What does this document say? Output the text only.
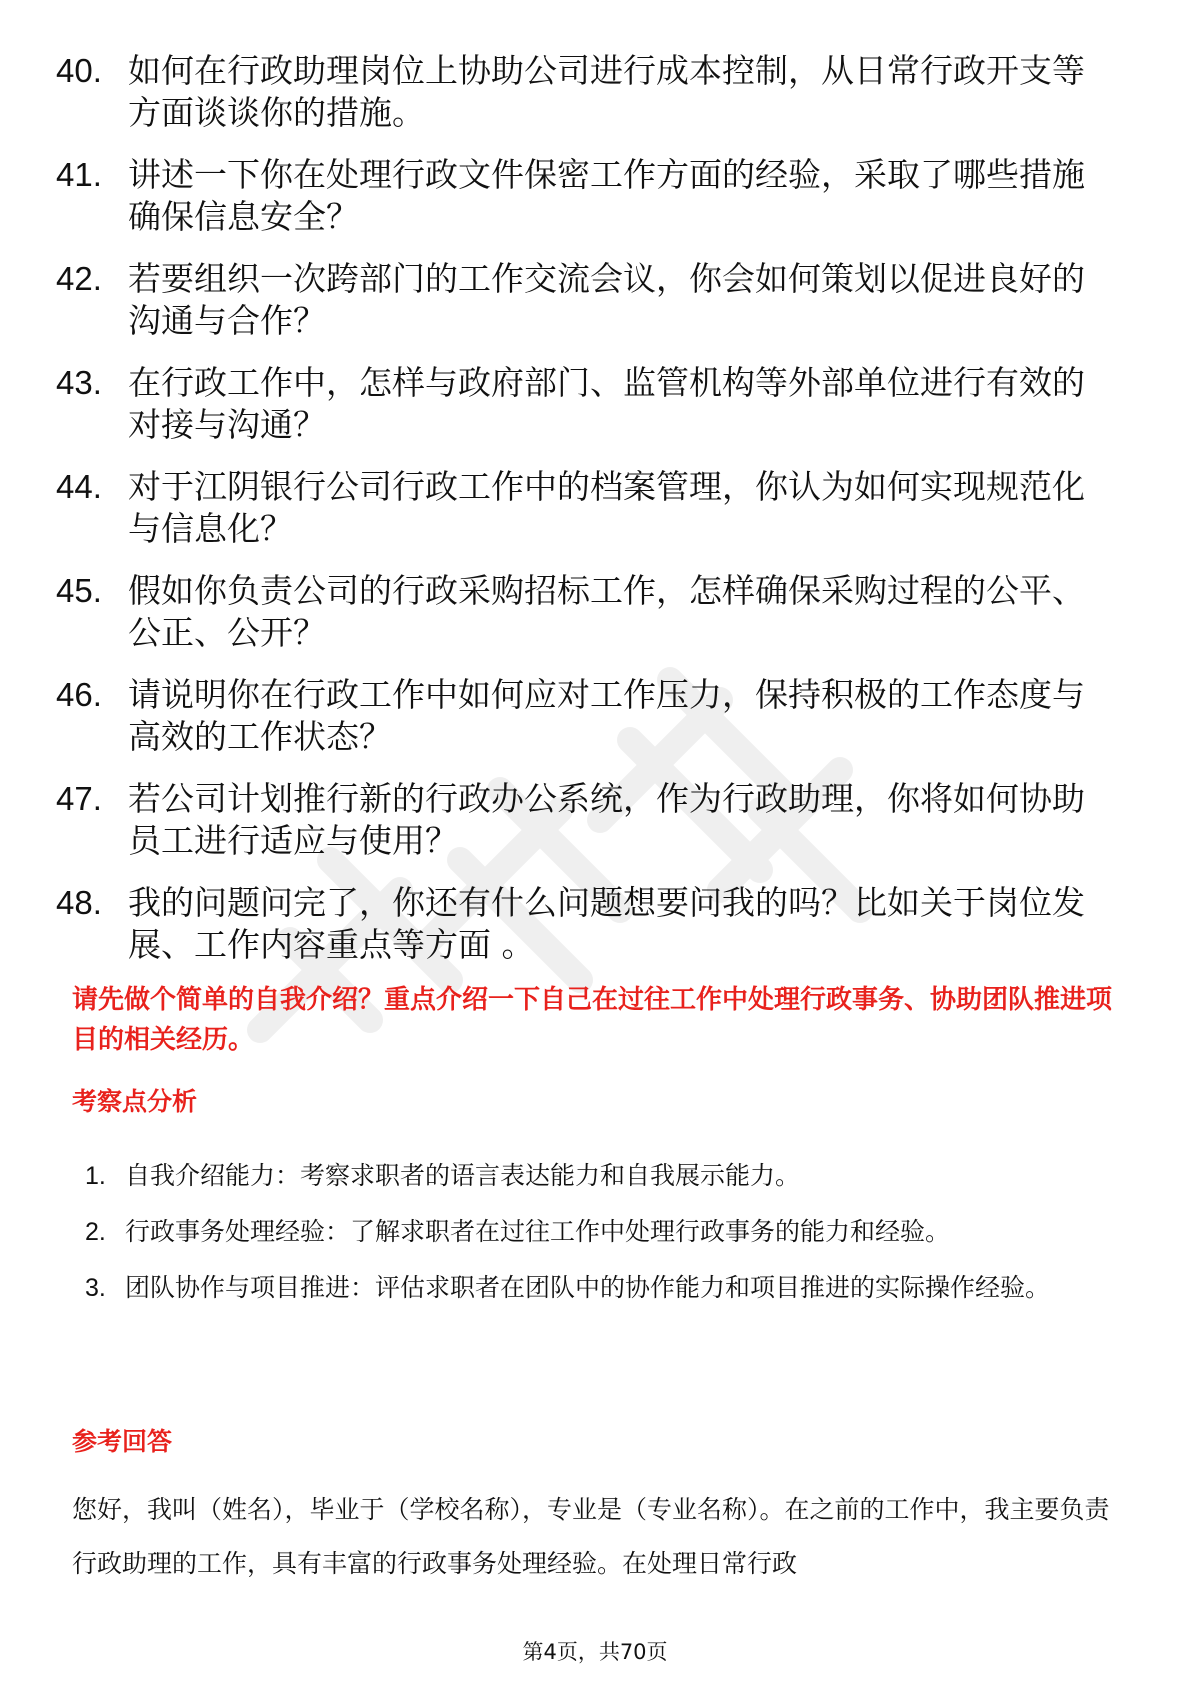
40. 如何在行政助理岗位上协助公司进行成本控制，从日常行政开支等方面谈谈你的措施。
41. 讲述一下你在处理行政文件保密工作方面的经验，采取了哪些措施确保信息安全？
42. 若要组织一次跨部门的工作交流会议，你会如何策划以促进良好的沟通与合作？
43. 在行政工作中，怎样与政府部门、监管机构等外部单位进行有效的对接与沟通？
44. 对于江阴银行公司行政工作中的档案管理，你认为如何实现规范化与信息化？
45. 假如你负责公司的行政采购招标工作，怎样确保采购过程的公平、公正、公开？
46. 请说明你在行政工作中如何应对工作压力，保持积极的工作态度与高效的工作状态？
47. 若公司计划推行新的行政办公系统，作为行政助理，你将如何协助员工进行适应与使用？
48. 我的问题问完了，你还有什么问题想要问我的吗？比如关于岗位发展、工作内容重点等方面 。
请先做个简单的自我介绍？重点介绍一下自己在过往工作中处理行政事务、协助团队推进项目的相关经历。
考察点分析
1. 自我介绍能力：考察求职者的语言表达能力和自我展示能力。
2. 行政事务处理经验：了解求职者在过往工作中处理行政事务的能力和经验。
3. 团队协作与项目推进：评估求职者在团队中的协作能力和项目推进的实际操作经验。
参考回答

您好，我叫（姓名），毕业于（学校名称），专业是（专业名称）。在之前的工作中，我主要负责行政助理的工作，具有丰富的行政事务处理经验。在处理日常行政

第4页，共70页
